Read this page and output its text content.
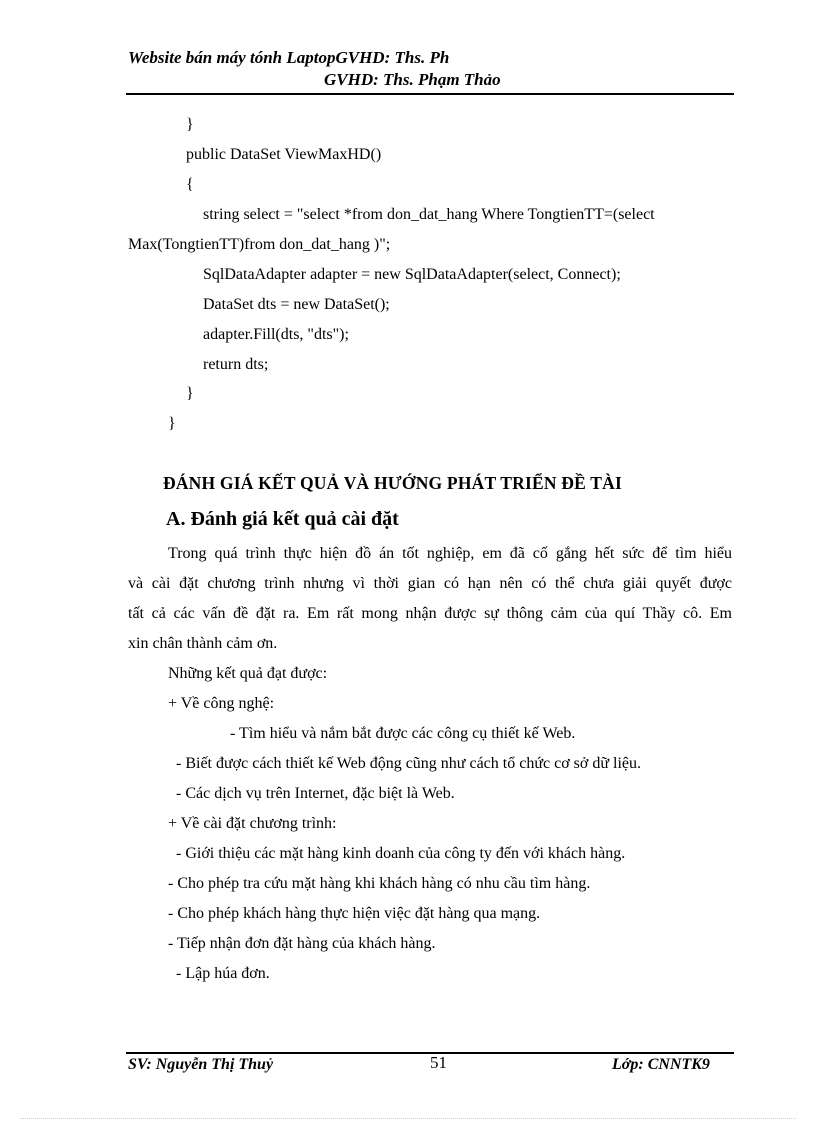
Website bán máy tónh LaptopGVHD: Ths. Ph
GVHD: Ths. Phạm Thảo
}
public DataSet ViewMaxHD()
{
string select = "select *from don_dat_hang Where TongtienTT=(select
Max(TongtienTT)from don_dat_hang )";
SqlDataAdapter adapter = new SqlDataAdapter(select, Connect);
DataSet dts = new DataSet();
adapter.Fill(dts, "dts");
return dts;
}
}
ĐÁNH GIÁ KẾT QUẢ VÀ HƯỚNG PHÁT TRIỂN ĐỀ TÀI
A. Đánh giá kết quả cài đặt
Trong quá trình thực hiện đồ án tốt nghiệp, em đã cố gắng hết sức để tìm hiểu
và cài đặt chương trình nhưng vì thời gian có hạn nên có thể chưa giải quyết được
tất cả các vấn đề đặt ra. Em rất mong nhận được sự thông cảm của quí Thầy cô. Em
xin chân thành cảm ơn.
Những kết quả đạt được:
+ Về công nghệ:
- Tìm hiểu và nắm bắt được các công cụ thiết kế Web.
- Biết được cách thiết kế Web động cũng như cách tổ chức cơ sở dữ liệu.
- Các dịch vụ trên Internet, đặc biệt là Web.
+ Về cài đặt chương trình:
- Giới thiệu các mặt hàng kinh doanh của công ty đến với khách hàng.
- Cho phép tra cứu mặt hàng khi khách hàng có nhu cầu tìm hàng.
- Cho phép khách hàng thực hiện việc đặt hàng qua mạng.
- Tiếp nhận đơn đặt hàng của khách hàng.
- Lập húa đơn.
SV: Nguyễn Thị Thuỷ	51	Lớp: CNNTK9
